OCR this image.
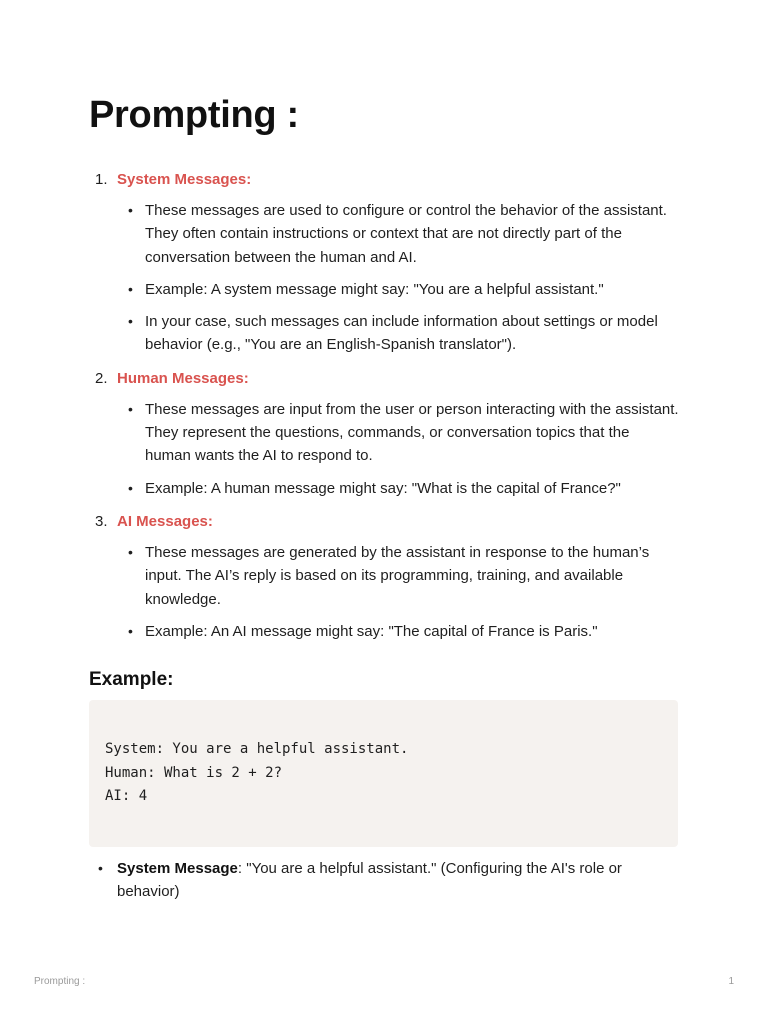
Prompting :
1. System Messages:
• These messages are used to configure or control the behavior of the assistant. They often contain instructions or context that are not directly part of the conversation between the human and AI.
• Example: A system message might say: "You are a helpful assistant."
• In your case, such messages can include information about settings or model behavior (e.g., "You are an English-Spanish translator").
2. Human Messages:
• These messages are input from the user or person interacting with the assistant. They represent the questions, commands, or conversation topics that the human wants the AI to respond to.
• Example: A human message might say: "What is the capital of France?"
3. AI Messages:
• These messages are generated by the assistant in response to the human’s input. The AI’s reply is based on its programming, training, and available knowledge.
• Example: An AI message might say: "The capital of France is Paris."
Example:
System: You are a helpful assistant.
Human: What is 2 + 2?
AI: 4
• System Message: "You are a helpful assistant." (Configuring the AI's role or behavior)
Prompting :	1
